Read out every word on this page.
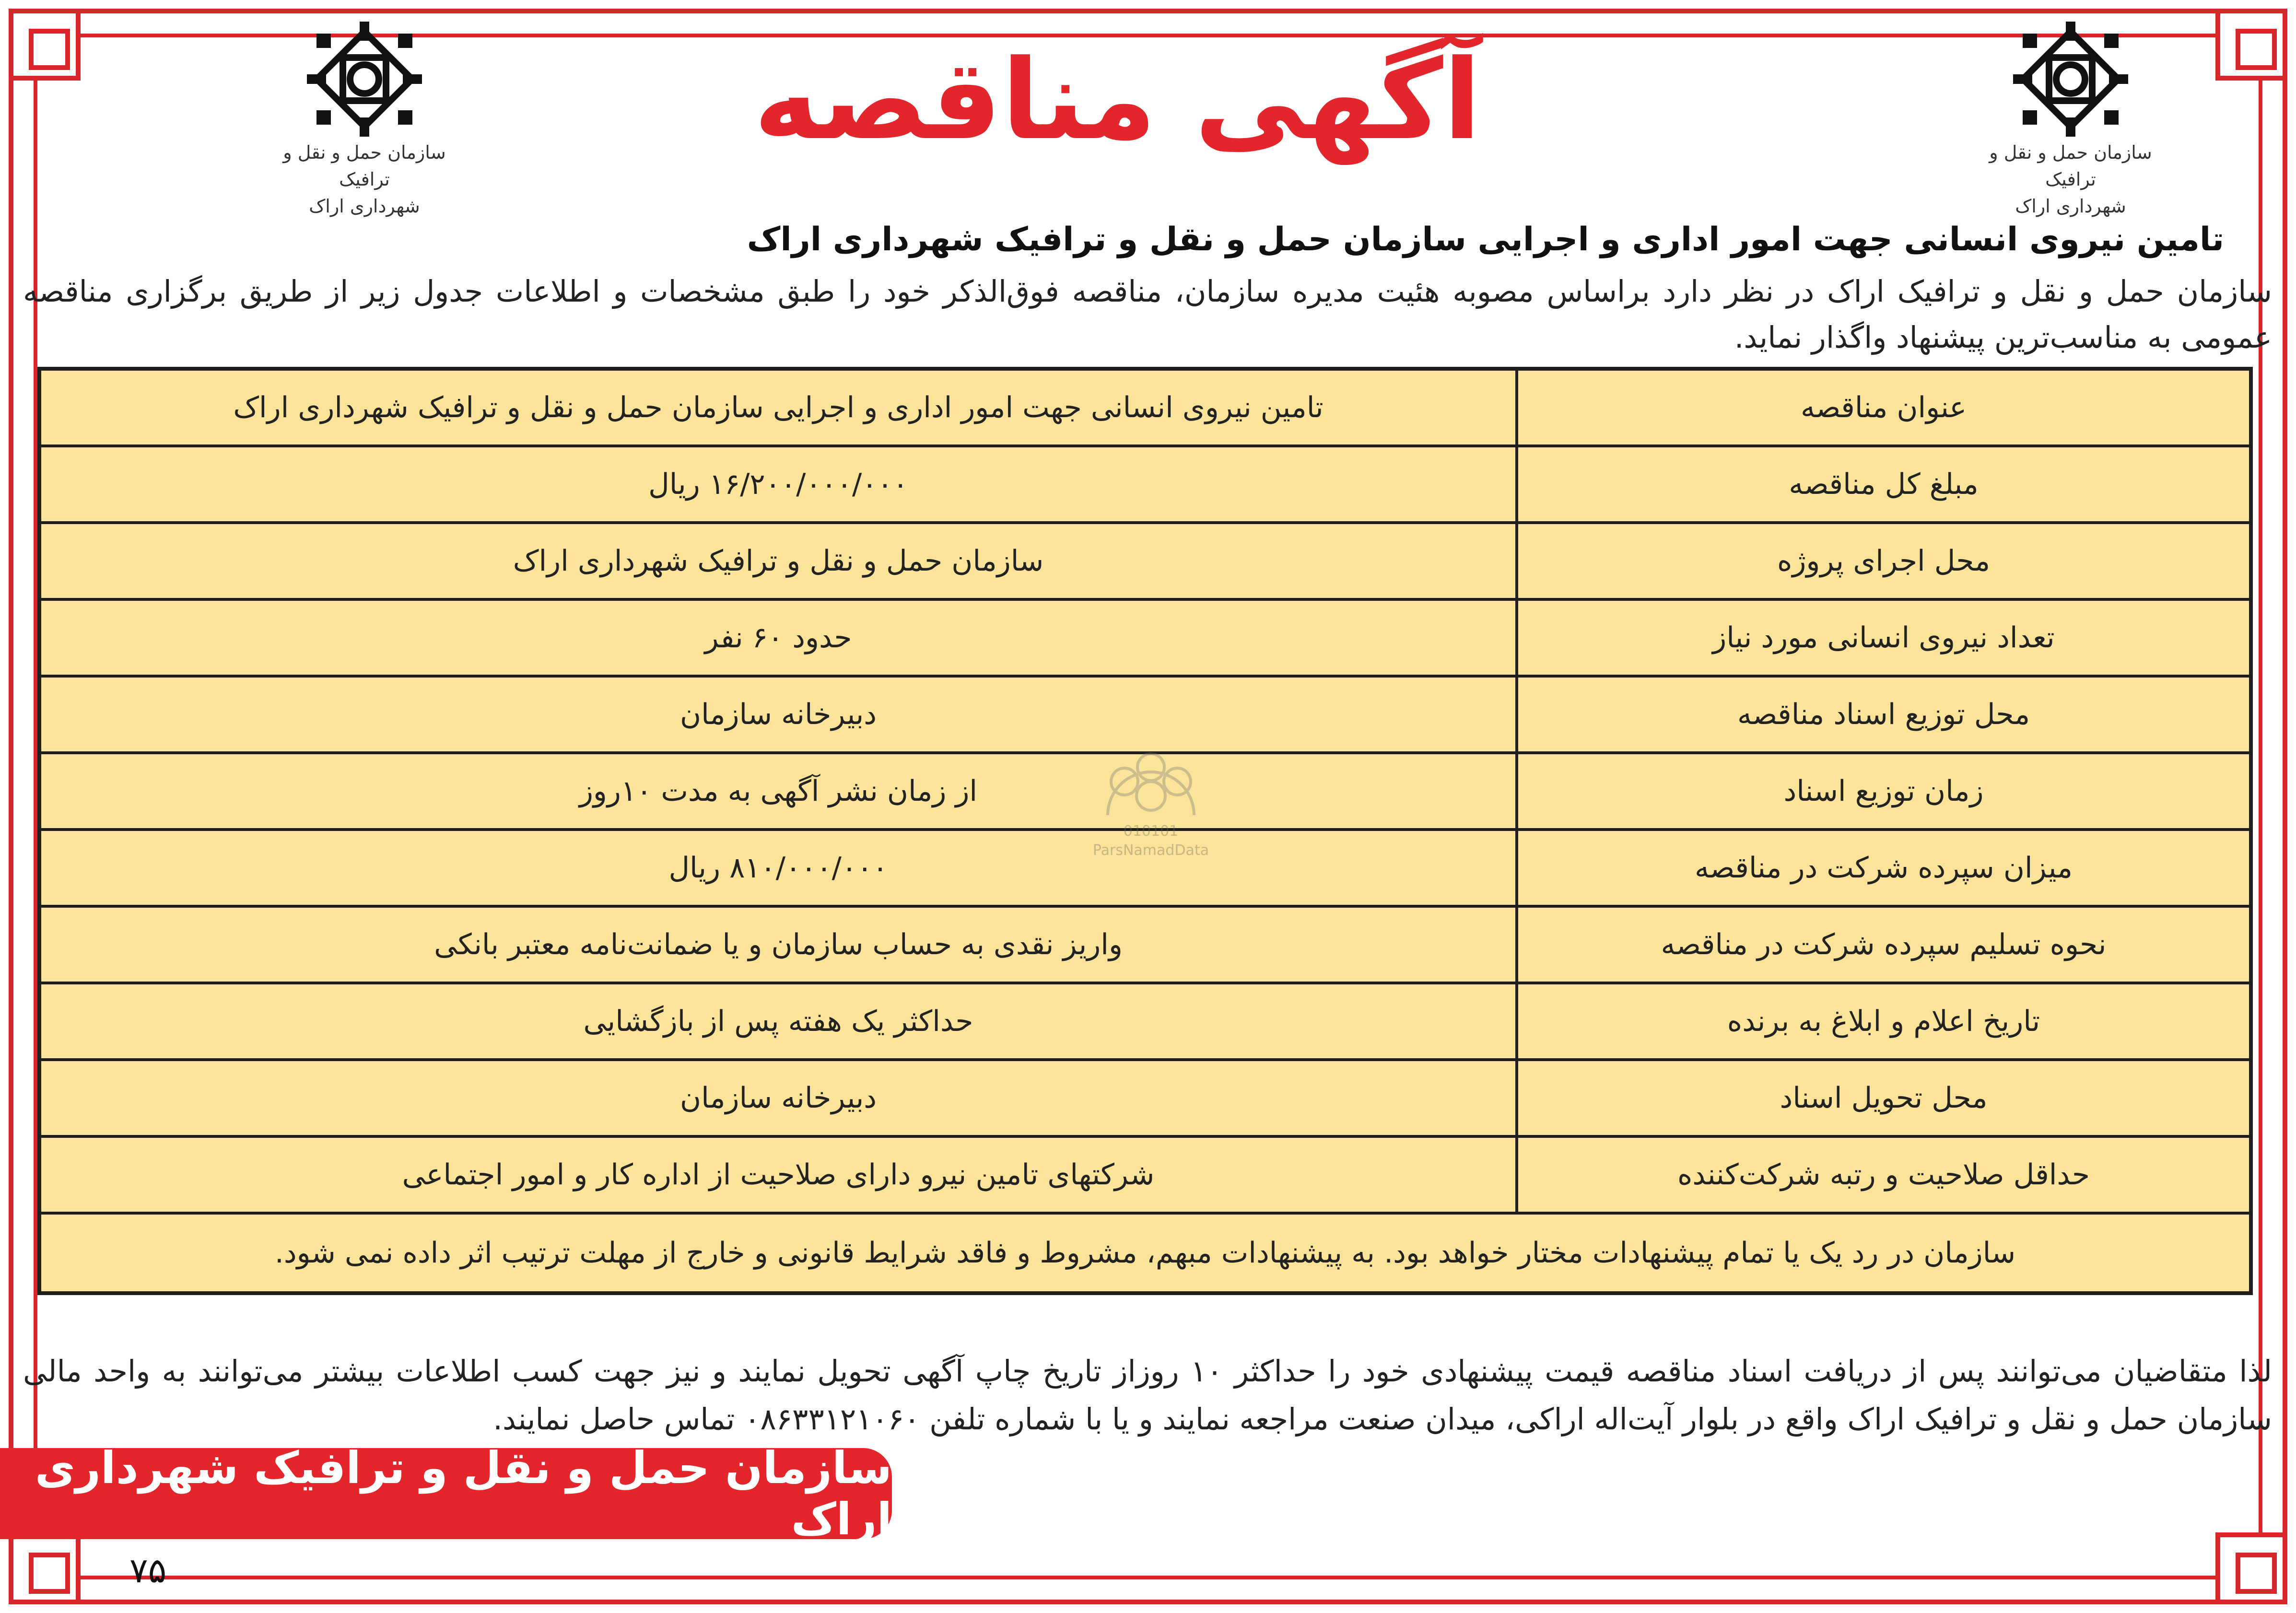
سازمان حمل و نقل و ترافیک
شهرداری اراک
سازمان حمل و نقل و ترافیک
شهرداری اراک
آگهی مناقصه
تامین نیروی انسانی جهت امور اداری و اجرایی سازمان حمل و نقل و ترافیک شهرداری اراک
سازمان حمل و نقل و ترافیک اراک در نظر دارد براساس مصوبه هئیت مدیره سازمان، مناقصه فوق‌الذکر خود را طبق مشخصات و اطلاعات جدول زیر از طریق برگزاری مناقصه عمومی به مناسب‌ترین پیشنهاد واگذار نماید.
عنوان مناقصه
تامین نیروی انسانی جهت امور اداری و اجرایی سازمان حمل و نقل و ترافیک شهرداری اراک
مبلغ کل مناقصه
۱۶/۲۰۰/۰۰۰/۰۰۰ ریال
محل اجرای پروژه
سازمان حمل و نقل و ترافیک شهرداری اراک
تعداد نیروی انسانی مورد نیاز
حدود ۶۰ نفر
محل توزیع اسناد مناقصه
دبیرخانه سازمان
زمان توزیع اسناد
از زمان نشر آگهی به مدت ۱۰روز
میزان سپرده شرکت در مناقصه
۸۱۰/۰۰۰/۰۰۰ ریال
نحوه تسلیم سپرده شرکت در مناقصه
واریز نقدی به حساب سازمان و یا ضمانت‌نامه معتبر بانکی
تاریخ اعلام و ابلاغ به برنده
حداکثر یک هفته پس از بازگشایی
محل تحویل اسناد
دبیرخانه سازمان
حداقل صلاحیت و رتبه شرکت‌کننده
شرکتهای تامین نیرو دارای صلاحیت از اداره کار و امور اجتماعی
سازمان در رد یک یا تمام پیشنهادات مختار خواهد بود. به پیشنهادات مبهم، مشروط و فاقد شرایط قانونی و خارج از مهلت ترتیب اثر داده نمی شود.
010101
ParsNamadData
لذا متقاضیان می‌توانند پس از دریافت اسناد مناقصه قیمت پیشنهادی خود را حداکثر ۱۰ روزاز تاریخ چاپ آگهی تحویل نمایند و نیز جهت کسب اطلاعات بیشتر می‌توانند به واحد مالی سازمان حمل و نقل و ترافیک اراک واقع در بلوار آیت‌اله اراکی، میدان صنعت مراجعه نمایند و یا با شماره تلفن ۰۸۶۳۳۱۲۱۰۶۰ تماس حاصل نمایند.
سازمان حمل و نقل و ترافیک شهرداری اراک
۷۵
